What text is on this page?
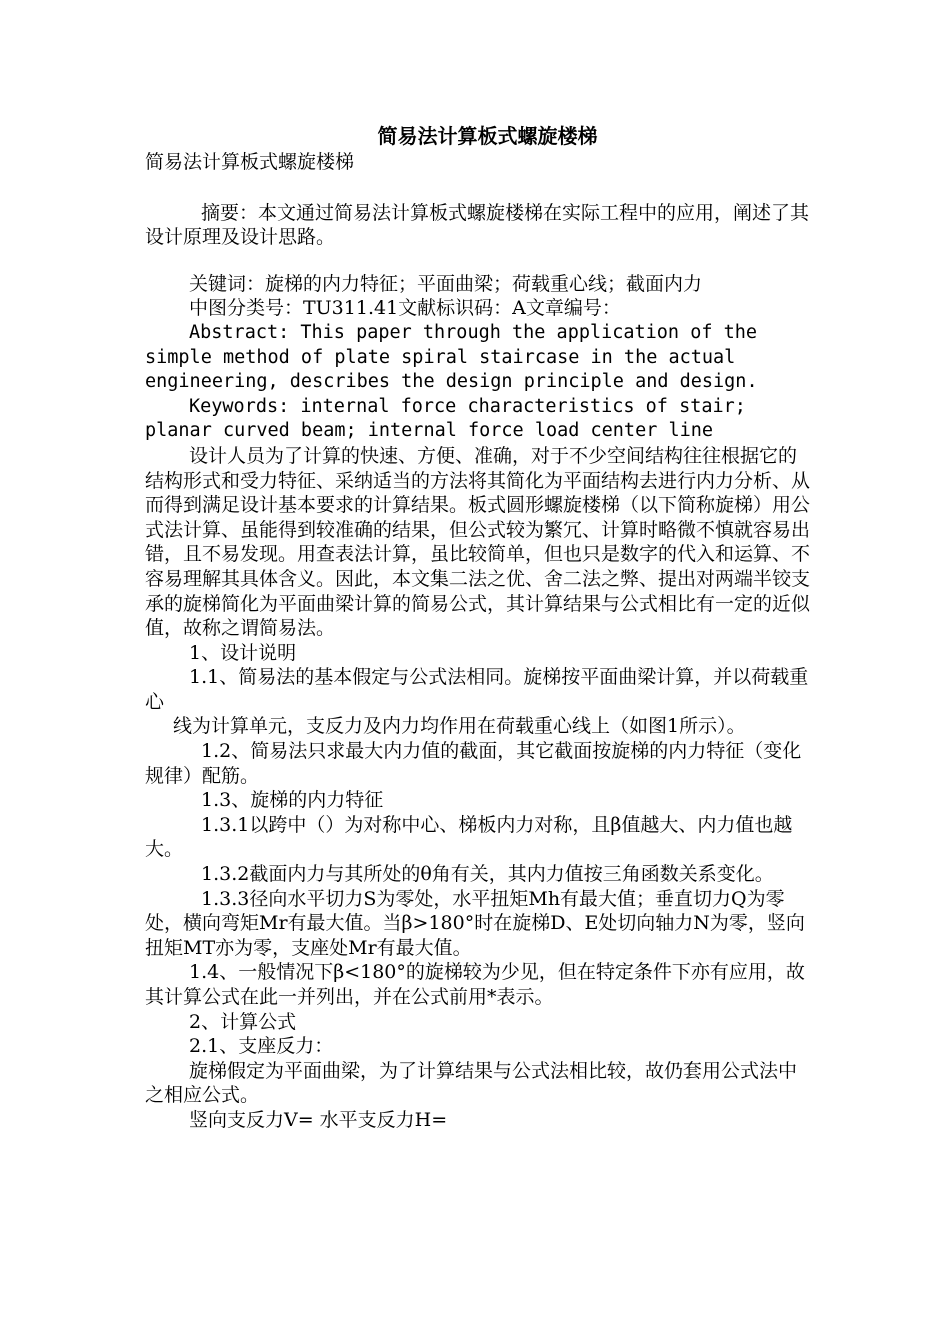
简易法计算板式螺旋楼梯

简易法计算板式螺旋楼梯

摘要：本文通过简易法计算板式螺旋楼梯在实际工程中的应用，阐述了其设计原理及设计思路。

关键词：旋梯的内力特征；平面曲梁；荷载重心线；截面内力

中图分类号：TU311.41文献标识码：A文章编号：

Abstract: This paper through the application of the simple method of plate spiral staircase in the actual engineering, describes the design principle and design.

Keywords: internal force characteristics of stair; planar curved beam; internal force load center line

设计人员为了计算的快速、方便、准确，对于不少空间结构往往根据它的结构形式和受力特征、采纳适当的方法将其简化为平面结构去进行内力分析、从而得到满足设计基本要求的计算结果。板式圆形螺旋楼梯（以下简称旋梯）用公式法计算、虽能得到较准确的结果，但公式较为繁冗、计算时略微不慎就容易出错，且不易发现。用查表法计算，虽比较简单，但也只是数字的代入和运算、不容易理解其具体含义。因此，本文集二法之优、舍二法之弊、提出对两端半铰支承的旋梯简化为平面曲梁计算的简易公式，其计算结果与公式相比有一定的近似值，故称之谓简易法。

1、设计说明

1.1、简易法的基本假定与公式法相同。旋梯按平面曲梁计算，并以荷载重心

线为计算单元，支反力及内力均作用在荷载重心线上（如图1所示）。

1.2、简易法只求最大内力值的截面，其它截面按旋梯的内力特征（变化规律）配筋。

1.3、旋梯的内力特征

1.3.1以跨中（）为对称中心、梯板内力对称，且β值越大、内力值也越大。

1.3.2截面内力与其所处的θ角有关，其内力值按三角函数关系变化。

1.3.3径向水平切力S为零处，水平扭矩Mh有最大值；垂直切力Q为零处，横向弯矩Mr有最大值。当β>180°时在旋梯D、E处切向轴力N为零，竖向扭矩MT亦为零，支座处Mr有最大值。

1.4、一般情况下β<180°的旋梯较为少见，但在特定条件下亦有应用，故其计算公式在此一并列出，并在公式前用*表示。

2、计算公式

2.1、支座反力：

旋梯假定为平面曲梁，为了计算结果与公式法相比较，故仍套用公式法中之相应公式。

竖向支反力V= 水平支反力H=
